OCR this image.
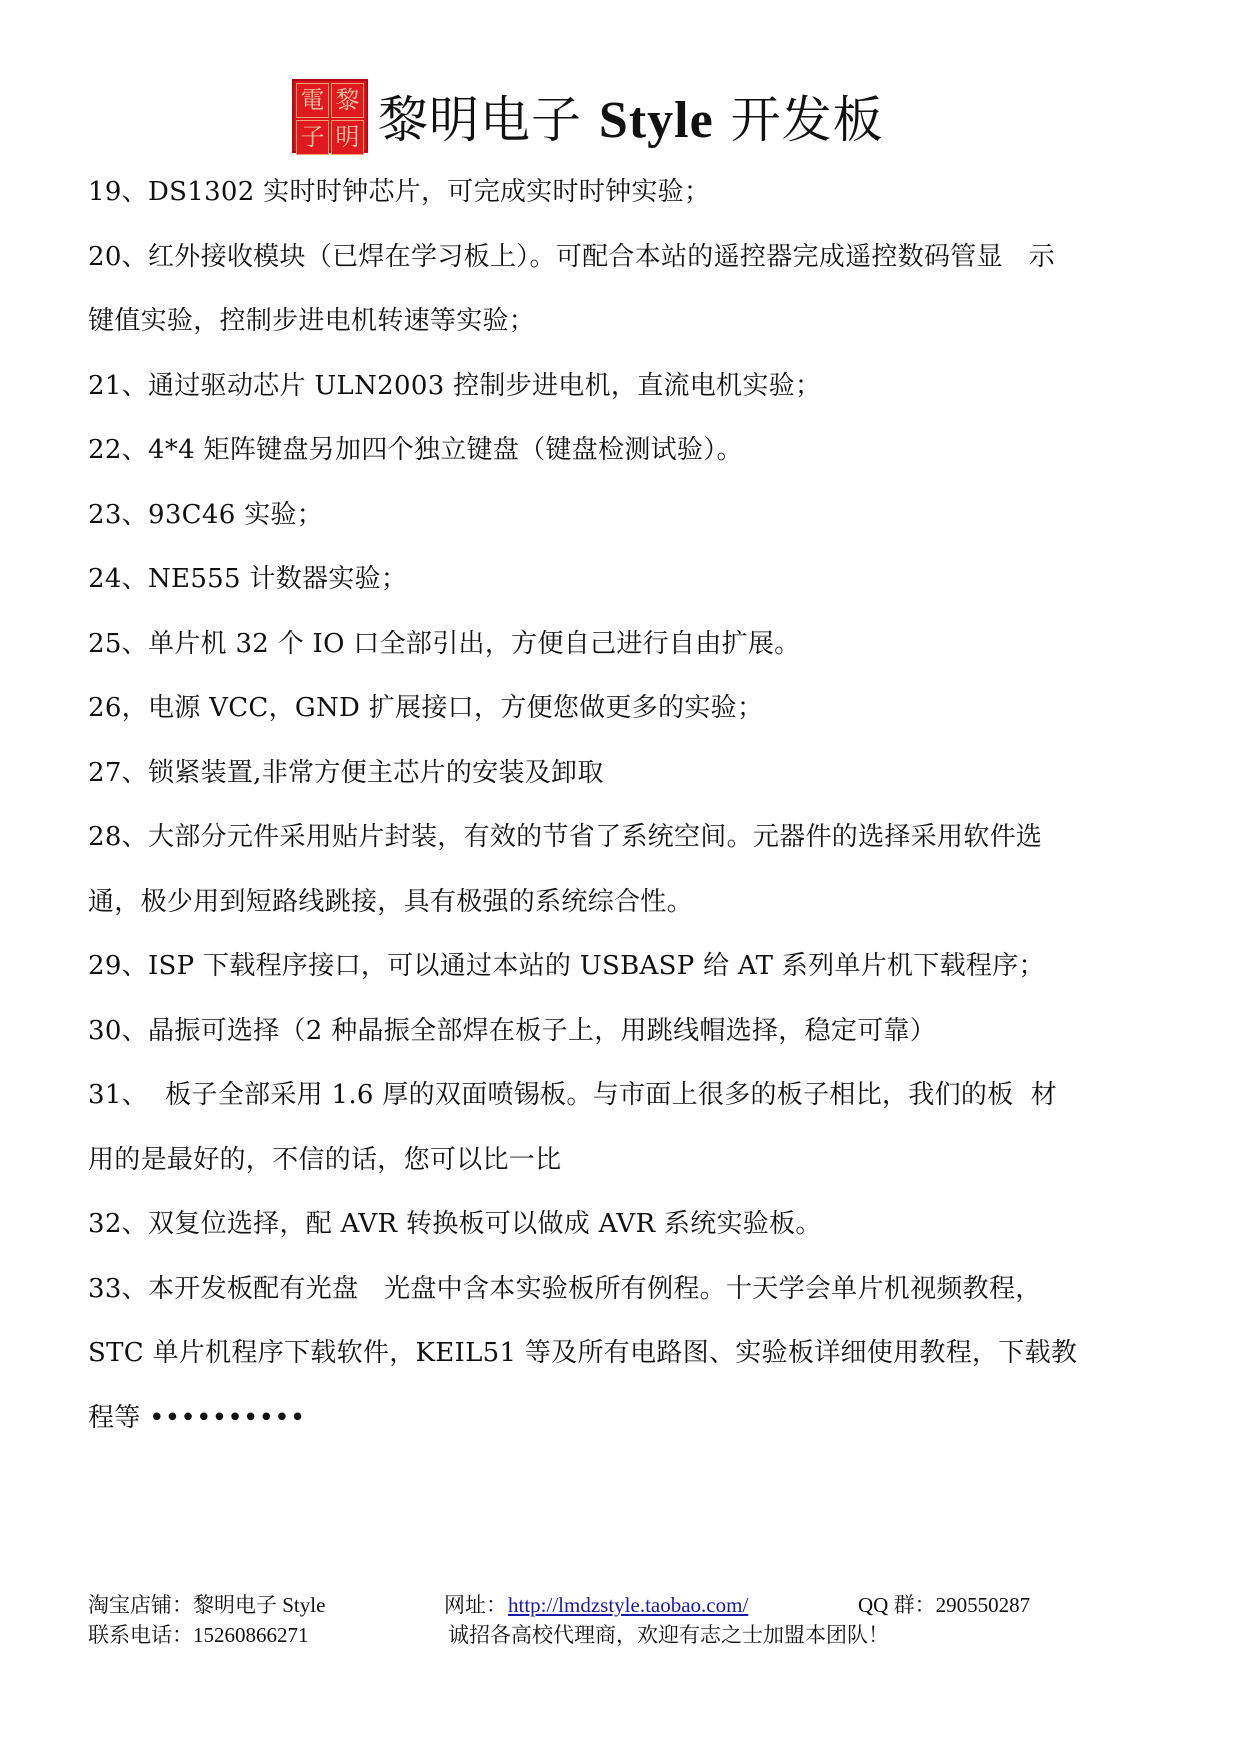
電 黎
子 明 黎明电子 Style 开发板
19、DS1302 实时时钟芯片，可完成实时时钟实验；
20、红外接收模块（已焊在学习板上）。可配合本站的遥控器完成遥控数码管显   示
键值实验，控制步进电机转速等实验；
21、通过驱动芯片 ULN2003 控制步进电机，直流电机实验；
22、4*4 矩阵键盘另加四个独立键盘（键盘检测试验）。
23、93C46 实验；
24、NE555 计数器实验；
25、单片机 32 个 IO 口全部引出，方便自己进行自由扩展。
26，电源 VCC，GND 扩展接口，方便您做更多的实验；
27、锁紧装置,非常方便主芯片的安装及卸取
28、大部分元件采用贴片封装，有效的节省了系统空间。元器件的选择采用软件选
通，极少用到短路线跳接，具有极强的系统综合性。
29、ISP 下载程序接口，可以通过本站的 USBASP 给 AT 系列单片机下载程序；
30、晶振可选择（2 种晶振全部焊在板子上，用跳线帽选择，稳定可靠）
31、  板子全部采用 1.6 厚的双面喷锡板。与市面上很多的板子相比，我们的板  材
用的是最好的，不信的话，您可以比一比
32、双复位选择，配 AVR 转换板可以做成 AVR 系统实验板。
33、本开发板配有光盘   光盘中含本实验板所有例程。十天学会单片机视频教程，
STC 单片机程序下载软件，KEIL51 等及所有电路图、实验板详细使用教程，下载教
程等 ••••••••••
淘宝店铺：黎明电子 Style	网址： http://lmdzstyle.taobao.com/	QQ 群：290550287
联系电话：15260866271	诚招各高校代理商，欢迎有志之士加盟本团队！
